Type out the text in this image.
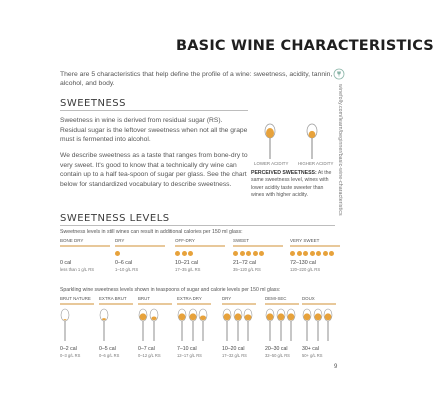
BASIC WINE CHARACTERISTICS
There are 5 characteristics that help define the profile of a wine: sweetness, acidity, tannin, alcohol, and body.
winefolly.com/learn/beginner/basic-wine-characteristics
SWEETNESS
Sweetness in wine is derived from residual sugar (RS). Residual sugar is the leftover sweetness when not all the grape must is fermented into alcohol.
We describe sweetness as a taste that ranges from bone-dry to very sweet. It's good to know that a technically dry wine can contain up to a half tea-spoon of sugar per glass. See the chart below for standardized vocabulary to describe sweetness.
LOWER ACIDITY HIGHER ACIDITY
PERCEIVED SWEETNESS: At the same sweetness level, wines with lower acidity taste sweeter than wines with higher acidity.
SWEETNESS LEVELS
Sweetness levels in still wines can result in additional calories per 150 ml glass:
BONE DRY
0 cal
less than 1 g/L RS
DRY
0–6 cal
1–10 g/L RS
OFF-DRY
10–21 cal
17–35 g/L RS
SWEET
21–72 cal
35–120 g/L RS
VERY SWEET
72–130 cal
120–220 g/L RS
Sparkling wine sweetness levels shown in teaspoons of sugar and calorie levels per 150 ml glass:
BRUT NATURE
0–2 cal
0–3 g/L RS
EXTRA BRUT
0–5 cal
0–6 g/L RS
BRUT
0–7 cal
0–12 g/L RS
EXTRA DRY
7–10 cal
12–17 g/L RS
DRY
10–20 cal
17–32 g/L RS
DEMI-SEC
20–30 cal
32–50 g/L RS
DOUX
30+ cal
50+ g/L RS
9
